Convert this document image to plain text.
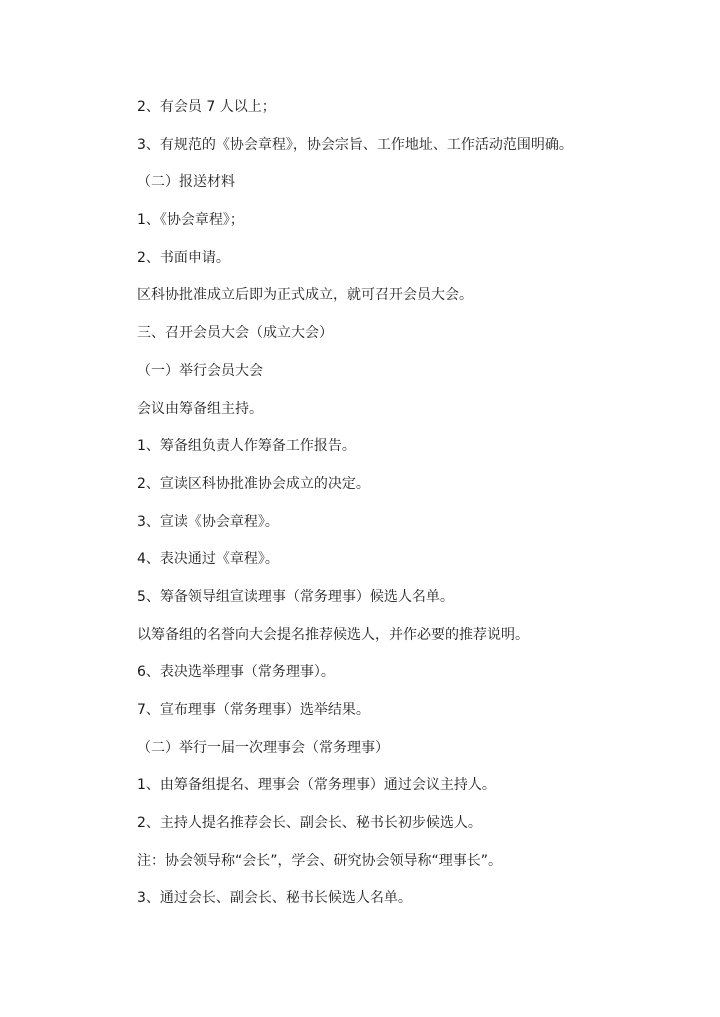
2、有会员 7 人以上；
3、有规范的《协会章程》，协会宗旨、工作地址、工作活动范围明确。
（二）报送材料
1、《协会章程》；
2、书面申请。
区科协批准成立后即为正式成立，就可召开会员大会。
三、召开会员大会（成立大会）
（一）举行会员大会
会议由筹备组主持。
1、筹备组负责人作筹备工作报告。
2、宣读区科协批准协会成立的决定。
3、宣读《协会章程》。
4、表决通过《章程》。
5、筹备领导组宣读理事（常务理事）候选人名单。
以筹备组的名誉向大会提名推荐候选人，并作必要的推荐说明。
6、表决选举理事（常务理事）。
7、宣布理事（常务理事）选举结果。
（二）举行一届一次理事会（常务理事）
1、由筹备组提名、理事会（常务理事）通过会议主持人。
2、主持人提名推荐会长、副会长、秘书长初步候选人。
注：协会领导称“会长”，学会、研究协会领导称“理事长”。
3、通过会长、副会长、秘书长候选人名单。
